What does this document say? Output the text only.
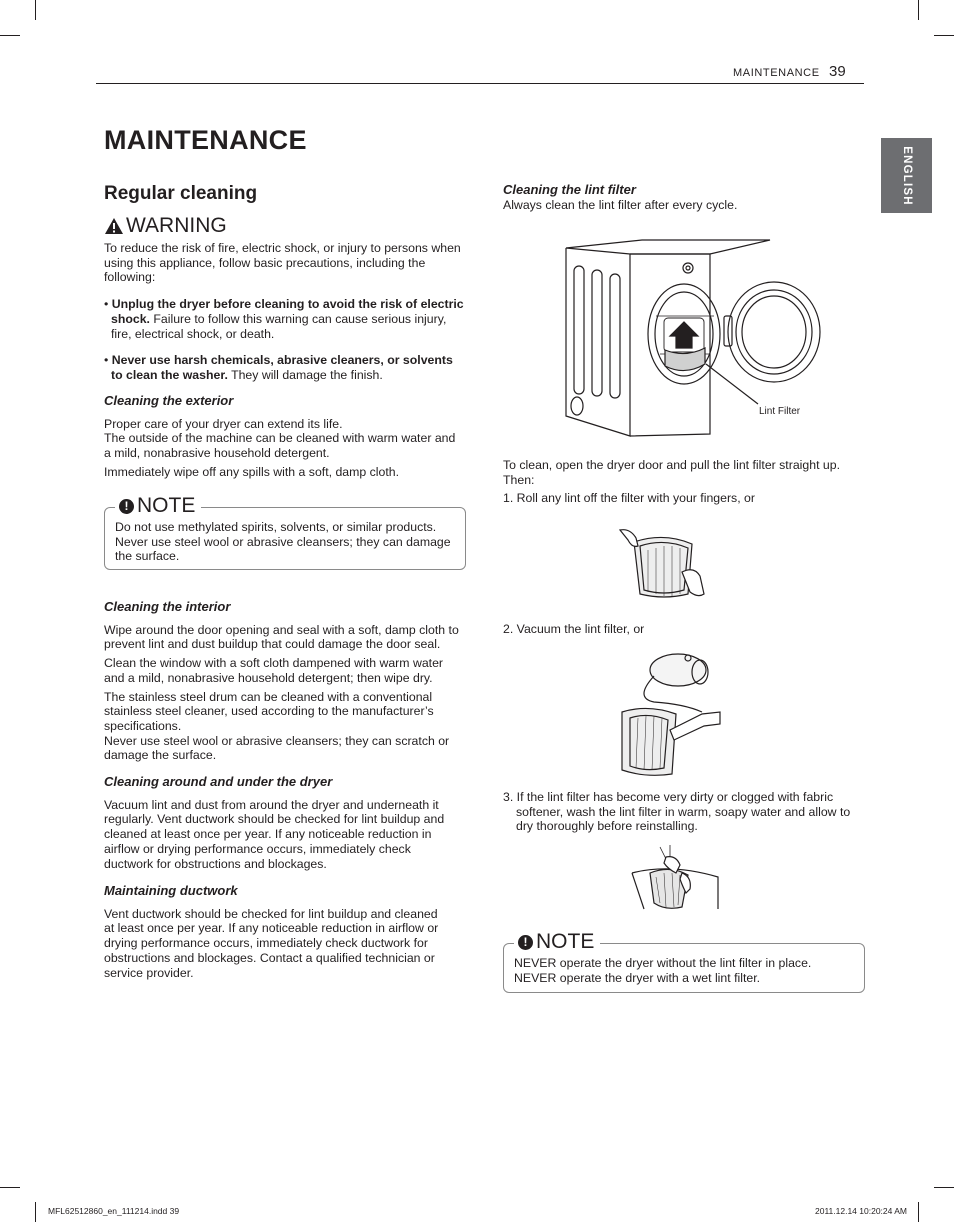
MAINTENANCE 39
ENGLISH
MAINTENANCE
Regular cleaning
WARNING

To reduce the risk of fire, electric shock, or injury to persons when using this appliance, follow basic precautions, including the following:

• Unplug the dryer before cleaning to avoid the risk of electric shock. Failure to follow this warning can cause serious injury, fire, electrical shock, or death.

• Never use harsh chemicals, abrasive cleaners, or solvents to clean the washer. They will damage the finish.

Cleaning the exterior

Proper care of your dryer can extend its life.

The outside of the machine can be cleaned with warm water and a mild, nonabrasive household detergent.

Immediately wipe off any spills with a soft, damp cloth.

! NOTE
Do not use methylated spirits, solvents, or similar products. Never use steel wool or abrasive cleansers; they can damage the surface.

Cleaning the interior

Wipe around the door opening and seal with a soft, damp cloth to prevent lint and dust buildup that could damage the door seal.

Clean the window with a soft cloth dampened with warm water and a mild, nonabrasive household detergent; then wipe dry.

The stainless steel drum can be cleaned with a conventional stainless steel cleaner, used according to the manufacturer’s specifications.

Never use steel wool or abrasive cleansers; they can scratch or damage the surface.

Cleaning around and under the dryer

Vacuum lint and dust from around the dryer and underneath it regularly. Vent ductwork should be checked for lint buildup and cleaned at least once per year. If any noticeable reduction in airflow or drying performance occurs, immediately check ductwork for obstructions and blockages.

Maintaining ductwork

Vent ductwork should be checked for lint buildup and cleaned at least once per year. If any noticeable reduction in airflow or drying performance occurs, immediately check ductwork for obstructions and blockages. Contact a qualified technician or service provider.

Cleaning the lint filter

Always clean the lint filter after every cycle.

Lint Filter

To clean, open the dryer door and pull the lint filter straight up. Then:

1. Roll any lint off the filter with your fingers, or

2. Vacuum the lint filter, or
3. If the lint filter has become very dirty or clogged with fabric softener, wash the lint filter in warm, soapy water and allow to dry thoroughly before reinstalling.
! NOTE
NEVER operate the dryer without the lint filter in place. NEVER operate the dryer with a wet lint filter.
MFL62512860_en_111214.indd 39	2011.12.14 10:20:24 AM
